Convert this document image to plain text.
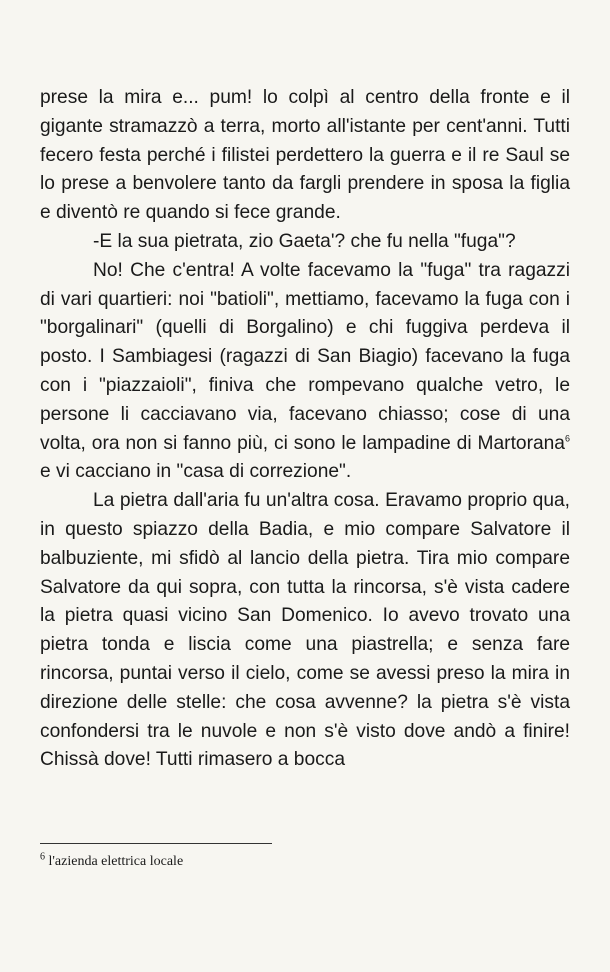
prese la mira e... pum! lo colpì al centro della fronte e il gigante stramazzò a terra, morto all'istante per cent'anni. Tutti fecero festa perché i filistei perdettero la guerra e il re Saul se lo prese a benvolere tanto da fargli prendere in sposa la figlia e diventò re quando si fece grande.

-E la sua pietrata, zio Gaeta'? che fu nella "fuga"?

No! Che c'entra! A volte facevamo la "fuga" tra ragazzi di vari quartieri: noi "batioli", mettiamo, facevamo la fuga con i "borgalinari" (quelli di Borgalino) e chi fuggiva perdeva il posto. I Sambiagesi (ragazzi di San Biagio) facevano la fuga con i "piazzaioli", finiva che rompevano qualche vetro, le persone li cacciavano via, facevano chiasso; cose di una volta, ora non si fanno più, ci sono le lampadine di Martorana$^6$ e vi cacciano in "casa di correzione".

La pietra dall'aria fu un'altra cosa. Eravamo proprio qua, in questo spiazzo della Badia, e mio compare Salvatore il balbuziente, mi sfidò al lancio della pietra. Tira mio compare Salvatore da qui sopra, con tutta la rincorsa, s'è vista cadere la pietra quasi vicino San Domenico. Io avevo trovato una pietra tonda e liscia come una piastrella; e senza fare rincorsa, puntai verso il cielo, come se avessi preso la mira in direzione delle stelle: che cosa avvenne? la pietra s'è vista confondersi tra le nuvole e non s'è visto dove andò a finire! Chissà dove! Tutti rimasero a bocca

$^6$ l'azienda elettrica locale
